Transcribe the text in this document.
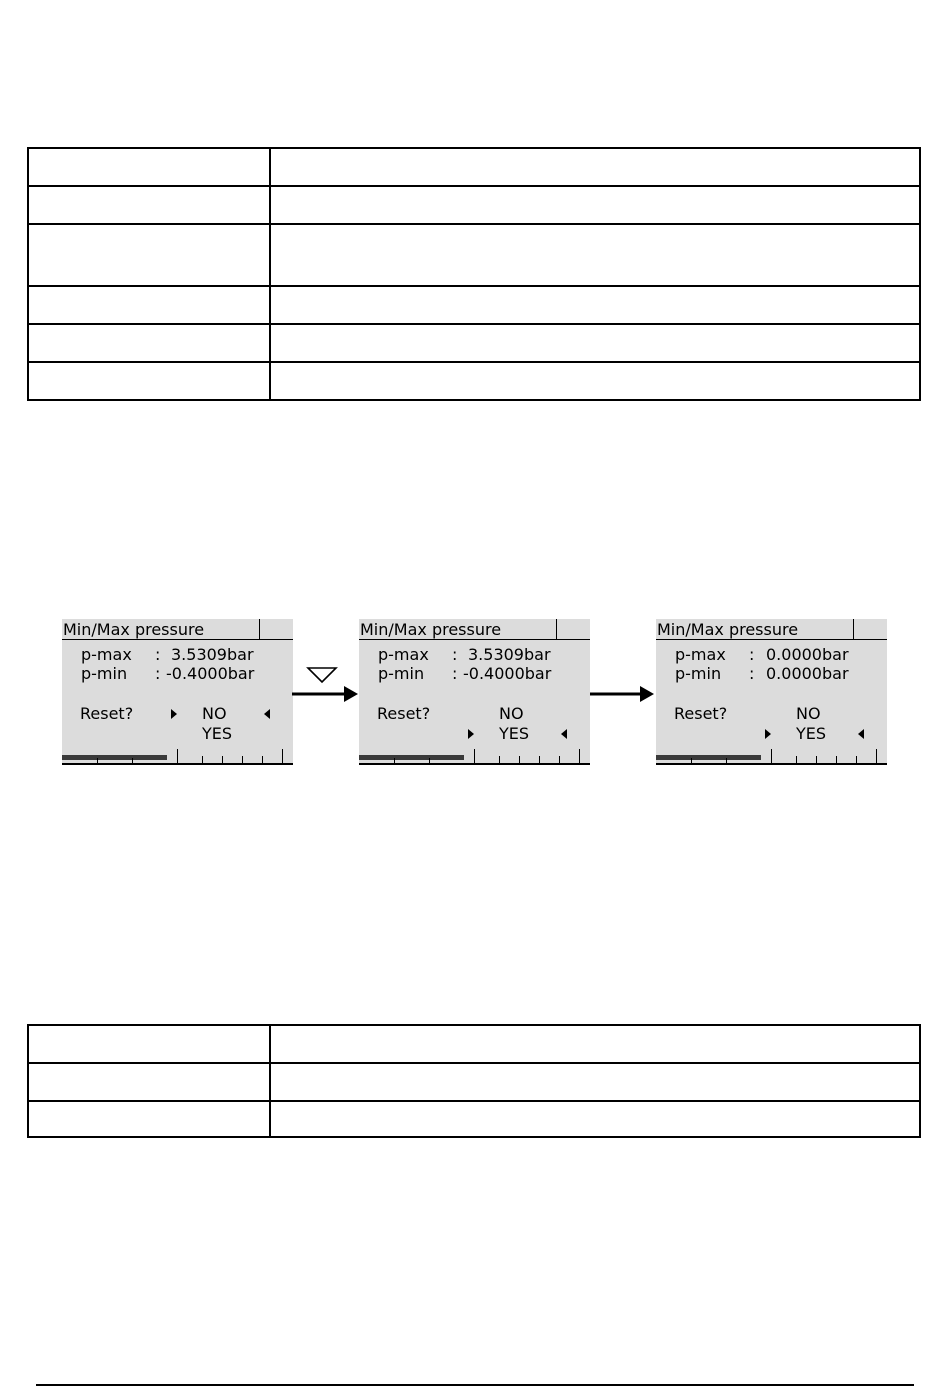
Min/Max pressure
p-max : 3.5309bar
p-min : -0.4000bar
Reset?	NO
YES
Min/Max pressure
p-max : 3.5309bar
p-min : -0.4000bar
Reset?	NO
YES
Min/Max pressure
p-max : 0.0000bar
p-min : 0.0000bar
Reset?	NO
YES
